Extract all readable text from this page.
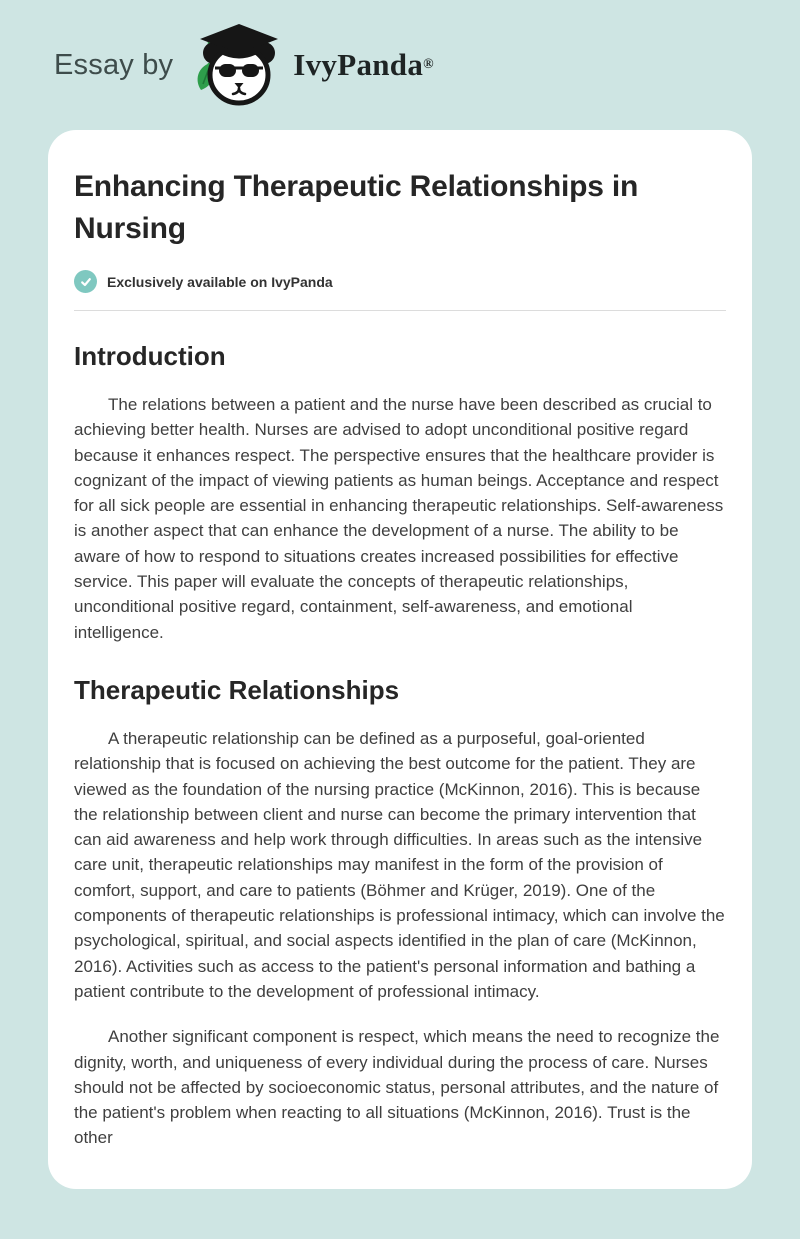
Essay by	IvyPanda ®
Enhancing Therapeutic Relationships in Nursing
Exclusively available on IvyPanda
Introduction

The relations between a patient and the nurse have been described as crucial to achieving better health. Nurses are advised to adopt unconditional positive regard because it enhances respect. The perspective ensures that the healthcare provider is cognizant of the impact of viewing patients as human beings. Acceptance and respect for all sick people are essential in enhancing therapeutic relationships. Self-awareness is another aspect that can enhance the development of a nurse. The ability to be aware of how to respond to situations creates increased possibilities for effective service. This paper will evaluate the concepts of therapeutic relationships, unconditional positive regard, containment, self-awareness, and emotional intelligence.

Therapeutic Relationships

A therapeutic relationship can be defined as a purposeful, goal-oriented relationship that is focused on achieving the best outcome for the patient. They are viewed as the foundation of the nursing practice (McKinnon, 2016). This is because the relationship between client and nurse can become the primary intervention that can aid awareness and help work through difficulties. In areas such as the intensive care unit, therapeutic relationships may manifest in the form of the provision of comfort, support, and care to patients (Böhmer and Krüger, 2019). One of the components of therapeutic relationships is professional intimacy, which can involve the psychological, spiritual, and social aspects identified in the plan of care (McKinnon, 2016). Activities such as access to the patient's personal information and bathing a patient contribute to the development of professional intimacy.

Another significant component is respect, which means the need to recognize the dignity, worth, and uniqueness of every individual during the process of care. Nurses should not be affected by socioeconomic status, personal attributes, and the nature of the patient's problem when reacting to all situations (McKinnon, 2016). Trust is the other
